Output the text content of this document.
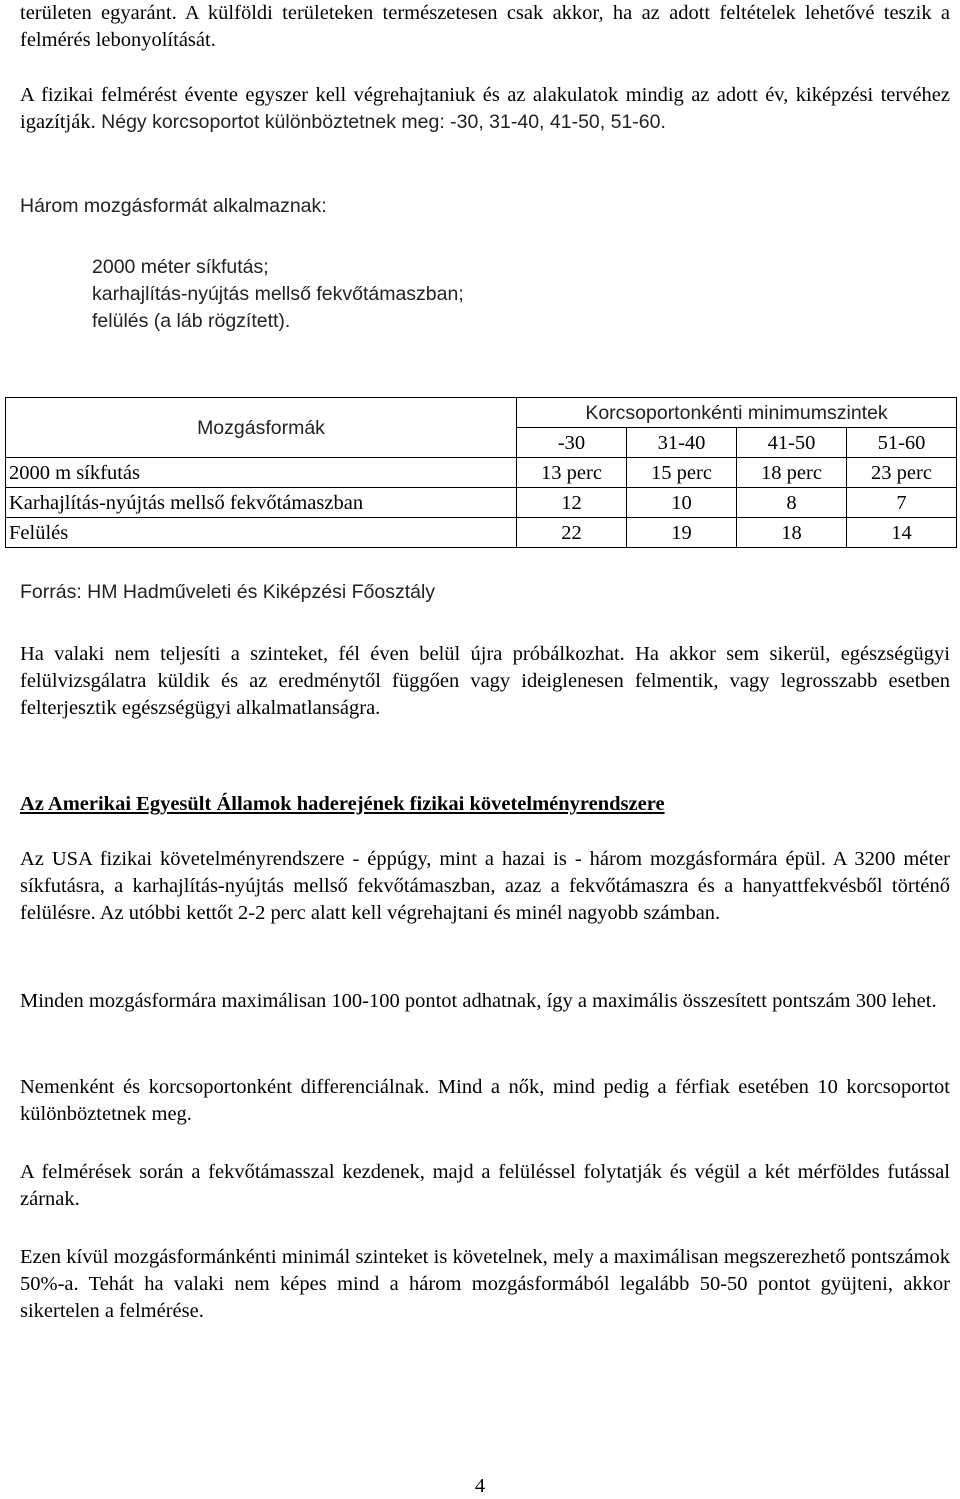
területen egyaránt. A külföldi területeken természetesen csak akkor, ha az adott feltételek lehetővé teszik a felmérés lebonyolítását.

A fizikai felmérést évente egyszer kell végrehajtaniuk és az alakulatok mindig az adott év, kiképzési tervéhez igazítják. Négy korcsoportot különböztetnek meg: -30, 31-40, 41-50, 51-60.

Három mozgásformát alkalmaznak:

2000 méter síkfutás;

karhajlítás-nyújtás mellső fekvőtámaszban;

felülés (a láb rögzített).

Mozgásformák	Korcsoportonkénti minimumszintek			
	-30	31-40	41-50	51-60
2000 m síkfutás	13 perc	15 perc	18 perc	23 perc
Karhajlítás-nyújtás mellső fekvőtámaszban	12	10	8	7
Felülés	22	19	18	14

Forrás: HM Hadműveleti és Kiképzési Főosztály

Ha valaki nem teljesíti a szinteket, fél éven belül újra próbálkozhat. Ha akkor sem sikerül, egészségügyi felülvizsgálatra küldik és az eredménytől függően vagy ideiglenesen felmentik, vagy legrosszabb esetben felterjesztik egészségügyi alkalmatlanságra.

Az Amerikai Egyesült Államok haderejének fizikai követelményrendszere

Az USA fizikai követelményrendszere - éppúgy, mint a hazai is - három mozgásformára épül. A 3200 méter síkfutásra, a karhajlítás-nyújtás mellső fekvőtámaszban, azaz a fekvőtámaszra és a hanyattfekvésből történő felülésre. Az utóbbi kettőt 2-2 perc alatt kell végrehajtani és minél nagyobb számban.

Minden mozgásformára maximálisan 100-100 pontot adhatnak, így a maximális összesített pontszám 300 lehet.

Nemenként és korcsoportonként differenciálnak. Mind a nők, mind pedig a férfiak esetében 10 korcsoportot különböztetnek meg.

A felmérések során a fekvőtámasszal kezdenek, majd a felüléssel folytatják és végül a két mérföldes futással zárnak.

Ezen kívül mozgásformánkénti minimál szinteket is követelnek, mely a maximálisan megszerezhető pontszámok 50%-a. Tehát ha valaki nem képes mind a három mozgásformából legalább 50-50 pontot gyüjteni, akkor sikertelen a felmérése.

4
